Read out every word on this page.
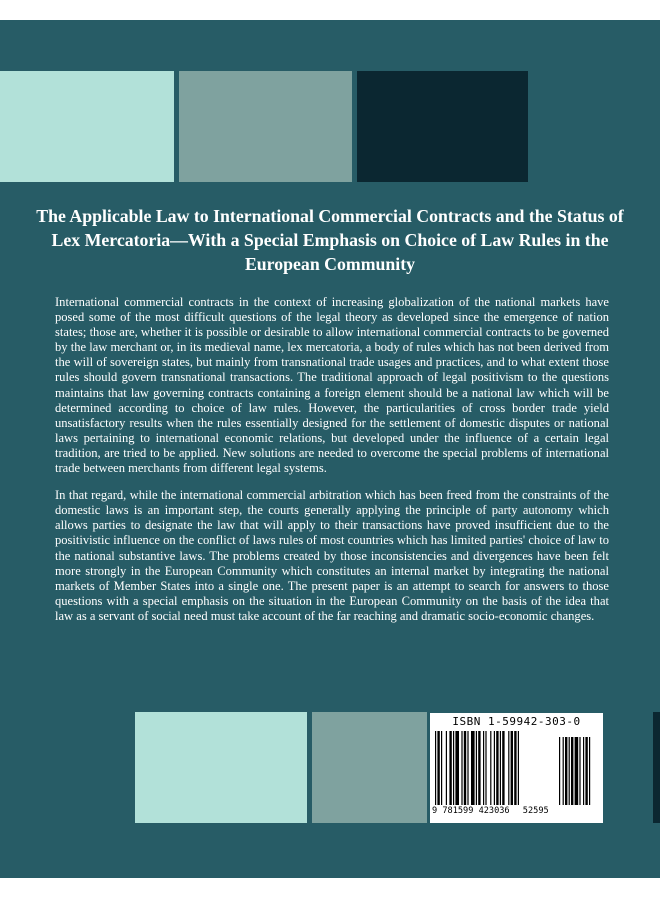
The Applicable Law to International Commercial Contracts and the Status of Lex Mercatoria—With a Special Emphasis on Choice of Law Rules in the European Community

International commercial contracts in the context of increasing globalization of the national markets have posed some of the most difficult questions of the legal theory as developed since the emergence of nation states; those are, whether it is possible or desirable to allow international commercial contracts to be governed by the law merchant or, in its medieval name, lex mercatoria, a body of rules which has not been derived from the will of sovereign states, but mainly from transnational trade usages and practices, and to what extent those rules should govern transnational transactions. The traditional approach of legal positivism to the questions maintains that law governing contracts containing a foreign element should be a national law which will be determined according to choice of law rules. However, the particularities of cross border trade yield unsatisfactory results when the rules essentially designed for the settlement of domestic disputes or national laws pertaining to international economic relations, but developed under the influence of a certain legal tradition, are tried to be applied. New solutions are needed to overcome the special problems of international trade between merchants from different legal systems.

In that regard, while the international commercial arbitration which has been freed from the constraints of the domestic laws is an important step, the courts generally applying the principle of party autonomy which allows parties to designate the law that will apply to their transactions have proved insufficient due to the positivistic influence on the conflict of laws rules of most countries which has limited parties' choice of law to the national substantive laws. The problems created by those inconsistencies and divergences have been felt more strongly in the European Community which constitutes an internal market by integrating the national markets of Member States into a single one. The present paper is an attempt to search for answers to those questions with a special emphasis on the situation in the European Community on the basis of the idea that law as a servant of social need must take account of the far reaching and dramatic socio-economic changes.

ISBN 1-59942-303-0
9 781599 423036 52595
